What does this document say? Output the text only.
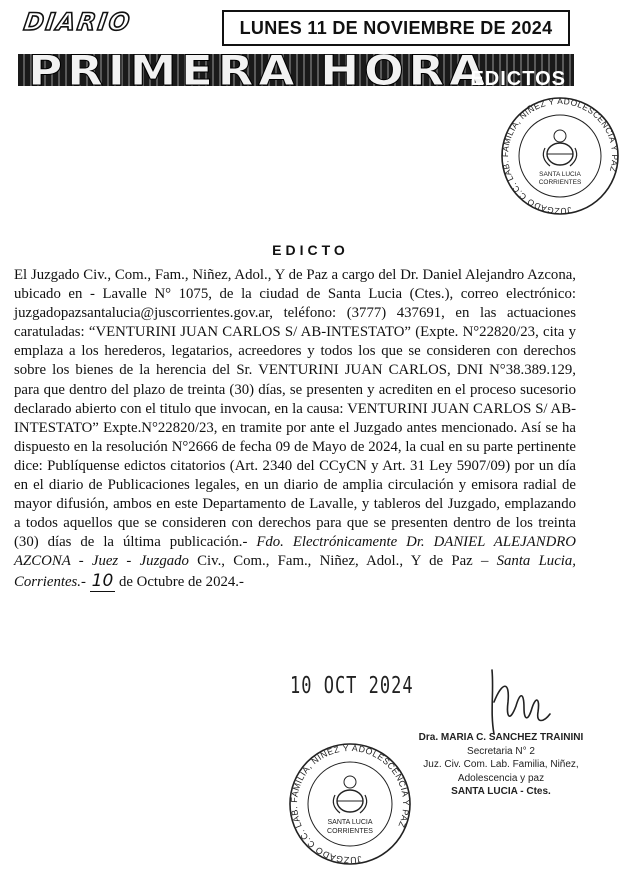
DIARIO	LUNES 11 DE NOVIEMBRE DE 2024
PRIMERA HORA
EDICTOS
JUZGADO C.C. LAB. FAMILIA, NIÑEZ Y ADOLESCENCIA Y PAZ
SANTA LUCIA
CORRIENTES
EDICTO

El Juzgado Civ., Com., Fam., Niñez, Adol., Y de Paz a cargo del Dr. Daniel Alejandro Azcona, ubicado en - Lavalle N° 1075, de la ciudad de Santa Lucia (Ctes.), correo electrónico: juzgadopazsantalucia@juscorrientes.gov.ar, teléfono: (3777) 437691, en las actuaciones caratuladas: “VENTURINI JUAN CARLOS S/ AB-INTESTATO” (Expte. N°22820/23, cita y emplaza a los herederos, legatarios, acreedores y todos los que se consideren con derechos sobre los bienes de la herencia del Sr. VENTURINI JUAN CARLOS, DNI N°38.389.129, para que dentro del plazo de treinta (30) días, se presenten y acrediten en el proceso sucesorio declarado abierto con el titulo que invocan, en la causa: VENTURINI JUAN CARLOS S/ AB-INTESTATO” Expte.N°22820/23, en tramite por ante el Juzgado antes mencionado. Así se ha dispuesto en la resolución N°2666 de fecha 09 de Mayo de 2024, la cual en su parte pertinente dice: Publíquense edictos citatorios (Art. 2340 del CCyCN y Art. 31 Ley 5907/09) por un día en el diario de Publicaciones legales, en un diario de amplia circulación y emisora radial de mayor difusión, ambos en este Departamento de Lavalle, y tableros del Juzgado, emplazando a todos aquellos que se consideren con derechos para que se presenten dentro de los treinta (30) días de la última publicación.- Fdo. Electrónicamente Dr. DANIEL ALEJANDRO AZCONA - Juez - Juzgado Civ., Com., Fam., Niñez, Adol., Y de Paz – Santa Lucia, Corrientes.- 10 de Octubre de 2024.-

10 OCT 2024
Dra. MARIA C. SANCHEZ TRAININI
Secretaria N° 2
Juz. Civ. Com. Lab. Familia, Niñez,
Adolescencia y paz
SANTA LUCIA - Ctes.
JUZGADO C.C. LAB. FAMILIA, NIÑEZ Y ADOLESCENCIA Y PAZ
SANTA LUCIA
CORRIENTES
